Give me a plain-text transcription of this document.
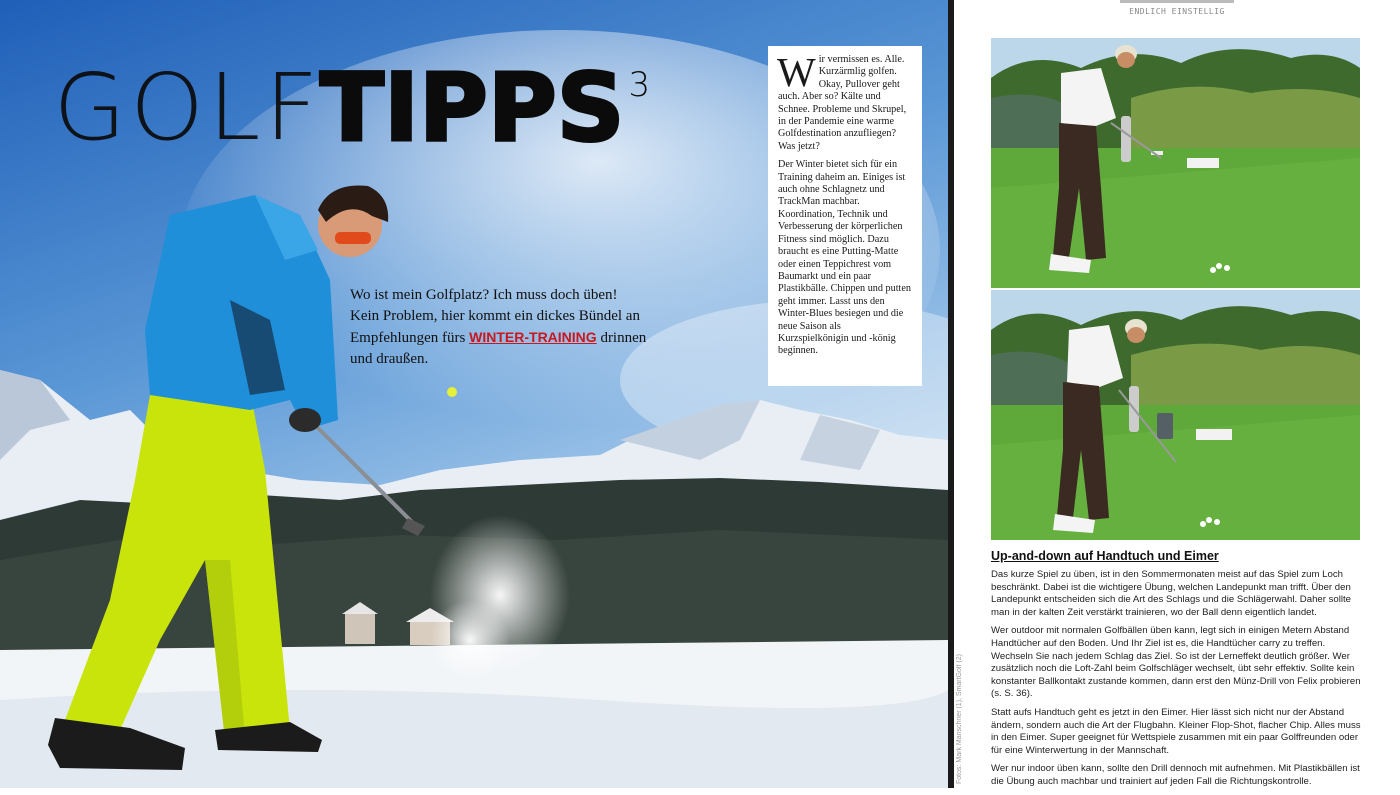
GOLF
TIPPS 3
Wo ist mein Golfplatz? Ich muss doch üben! Kein Problem, hier kommt ein dickes Bündel an Empfehlungen fürs WINTER-TRAINING drinnen und draußen.

Wir vermissen es. Alle. Kurzärmlig golfen. Okay, Pullover geht auch. Aber so? Kälte und Schnee. Probleme und Skrupel, in der Pandemie eine warme Golfdestination anzufliegen? Was jetzt?

Der Winter bietet sich für ein Training daheim an. Einiges ist auch ohne Schlagnetz und TrackMan machbar. Koordination, Technik und Verbesserung der körperlichen Fitness sind möglich. Dazu braucht es eine Putting-Matte oder einen Teppichrest vom Baumarkt und ein paar Plastikbälle. Chippen und putten geht immer. Lasst uns den Winter-Blues besiegen und die neue Saison als Kurzspielkönigin und -könig beginnen.

ENDLICH EINSTELLIG
Fotos: Mark Manschner (1), SmartGolf (2)
Up-and-down auf Handtuch und Eimer

Das kurze Spiel zu üben, ist in den Sommermonaten meist auf das Spiel zum Loch beschränkt. Dabei ist die wichtigere Übung, welchen Landepunkt man trifft. Über den Landepunkt entscheiden sich die Art des Schlags und die Schlägerwahl. Daher sollte man in der kalten Zeit verstärkt trainieren, wo der Ball denn eigentlich landet.

Wer outdoor mit normalen Golfbällen üben kann, legt sich in einigen Metern Abstand Handtücher auf den Boden. Und Ihr Ziel ist es, die Handtücher carry zu treffen. Wechseln Sie nach jedem Schlag das Ziel. So ist der Lerneffekt deutlich größer. Wer zusätzlich noch die Loft-Zahl beim Golfschläger wechselt, übt sehr effektiv. Sollte kein konstanter Ballkontakt zustande kommen, dann erst den Münz-Drill von Felix probieren (s. S. 36).

Statt aufs Handtuch geht es jetzt in den Eimer. Hier lässt sich nicht nur der Abstand ändern, sondern auch die Art der Flugbahn. Kleiner Flop-Shot, flacher Chip. Alles muss in den Eimer. Super geeignet für Wettspiele zusammen mit ein paar Golffreunden oder für eine Winterwertung in der Mannschaft.

Wer nur indoor üben kann, sollte den Drill dennoch mit aufnehmen. Mit Plastikbällen ist die Übung auch machbar und trainiert auf jeden Fall die Richtungskontrolle.
